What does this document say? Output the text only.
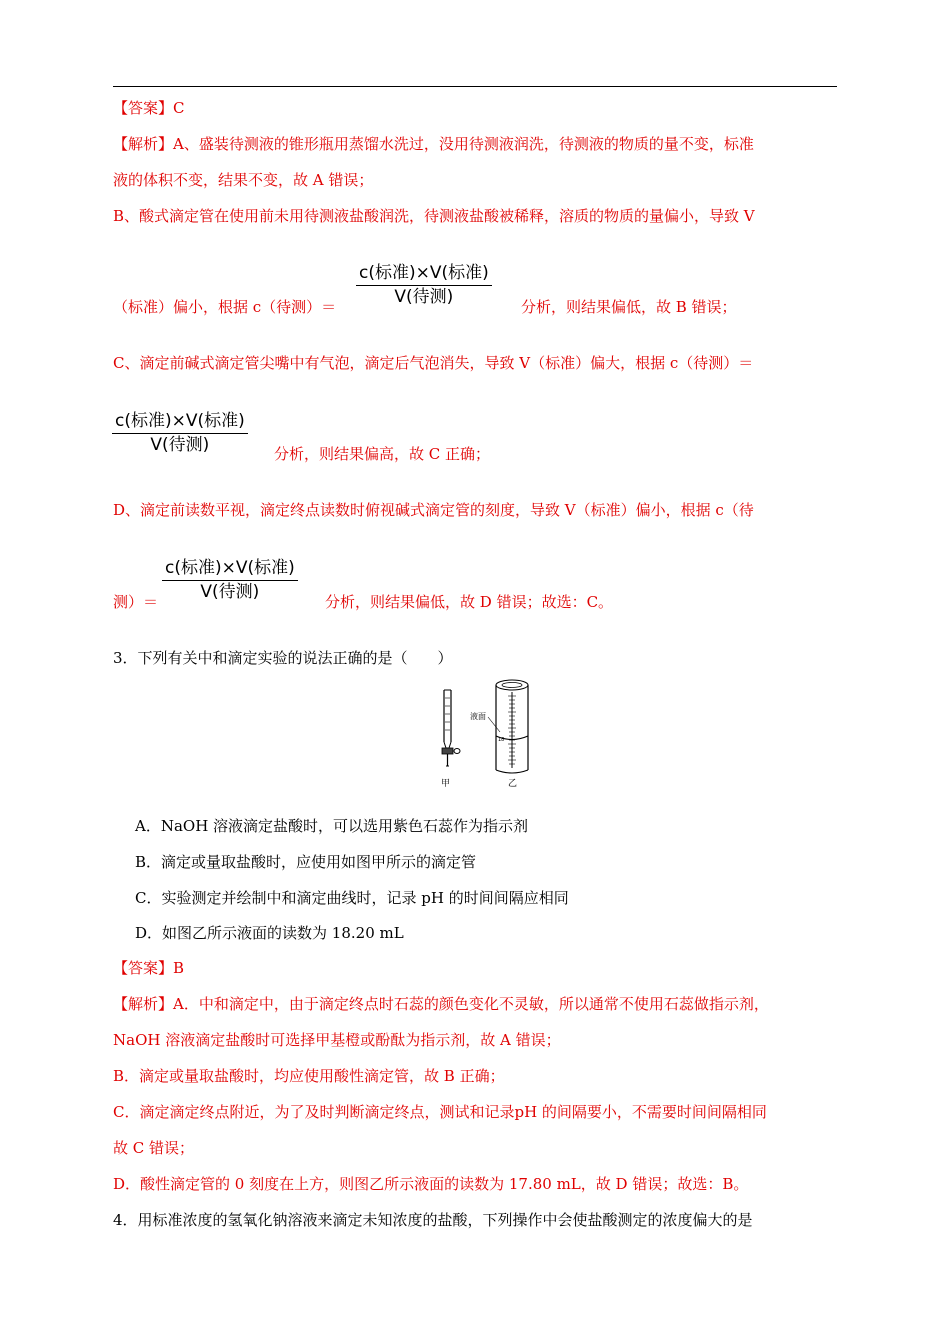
【答案】C
【解析】A、盛装待测液的锥形瓶用蒸馏水洗过，没用待测液润洗，待测液的物质的量不变，标准
液的体积不变，结果不变，故 A 错误；
B、酸式滴定管在使用前未用待测液盐酸润洗，待测液盐酸被稀释，溶质的物质的量偏小，导致 V
c(标准)×V(标准)
V(待测)
（标准）偏小，根据 c（待测）＝	分析，则结果偏低，故 B 错误；
C、滴定前碱式滴定管尖嘴中有气泡，滴定后气泡消失，导致 V（标准）偏大，根据 c（待测）＝
c(标准)×V(标准)
V(待测)	分析，则结果偏高，故 C 正确；
D、滴定前读数平视，滴定终点读数时俯视碱式滴定管的刻度，导致 V（标准）偏小，根据 c（待
c(标准)×V(标准)
V(待测)
测）＝	分析，则结果偏低，故 D 错误；故选：C。
3．下列有关中和滴定实验的说法正确的是（　　）
甲
液面
18
乙
A．NaOH 溶液滴定盐酸时，可以选用紫色石蕊作为指示剂
B．滴定或量取盐酸时，应使用如图甲所示的滴定管
C．实验测定并绘制中和滴定曲线时，记录 pH 的时间间隔应相同
D．如图乙所示液面的读数为 18.20 mL
【答案】B
【解析】A．中和滴定中，由于滴定终点时石蕊的颜色变化不灵敏，所以通常不使用石蕊做指示剂，
NaOH 溶液滴定盐酸时可选择甲基橙或酚酞为指示剂，故 A 错误；
B．滴定或量取盐酸时，均应使用酸性滴定管，故 B 正确；
C．滴定滴定终点附近，为了及时判断滴定终点，测试和记录pH 的间隔要小，不需要时间间隔相同
故 C 错误；
D．酸性滴定管的 0 刻度在上方，则图乙所示液面的读数为 17.80 mL，故 D 错误；故选：B。
4．用标准浓度的氢氧化钠溶液来滴定未知浓度的盐酸，下列操作中会使盐酸测定的浓度偏大的是
